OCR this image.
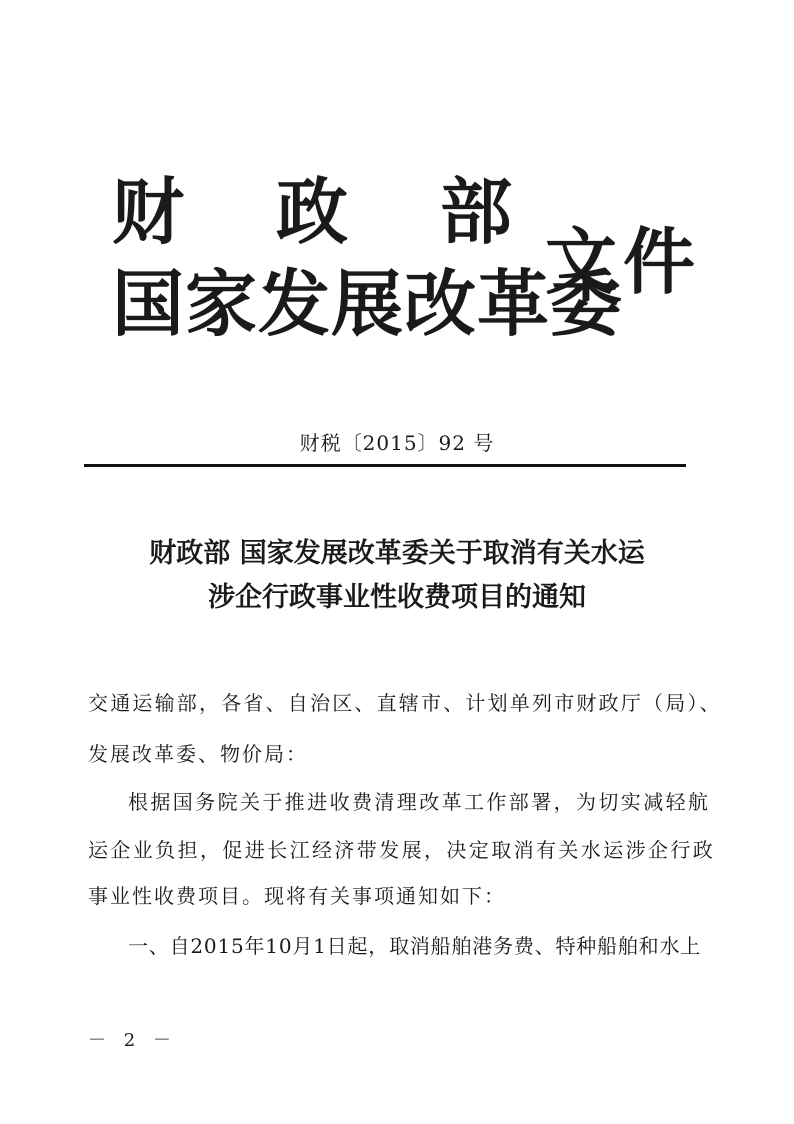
财 政 部
国家发展改革委
文件
财税〔2015〕92 号
财政部 国家发展改革委关于取消有关水运
涉企行政事业性收费项目的通知
交通运输部，各省、自治区、直辖市、计划单列市财政厅（局）、
发展改革委、物价局：
根据国务院关于推进收费清理改革工作部署，为切实减轻航
运企业负担，促进长江经济带发展，决定取消有关水运涉企行政
事业性收费项目。现将有关事项通知如下：
一、自2015年10月1日起，取消船舶港务费、特种船舶和水上
－ 2 －
